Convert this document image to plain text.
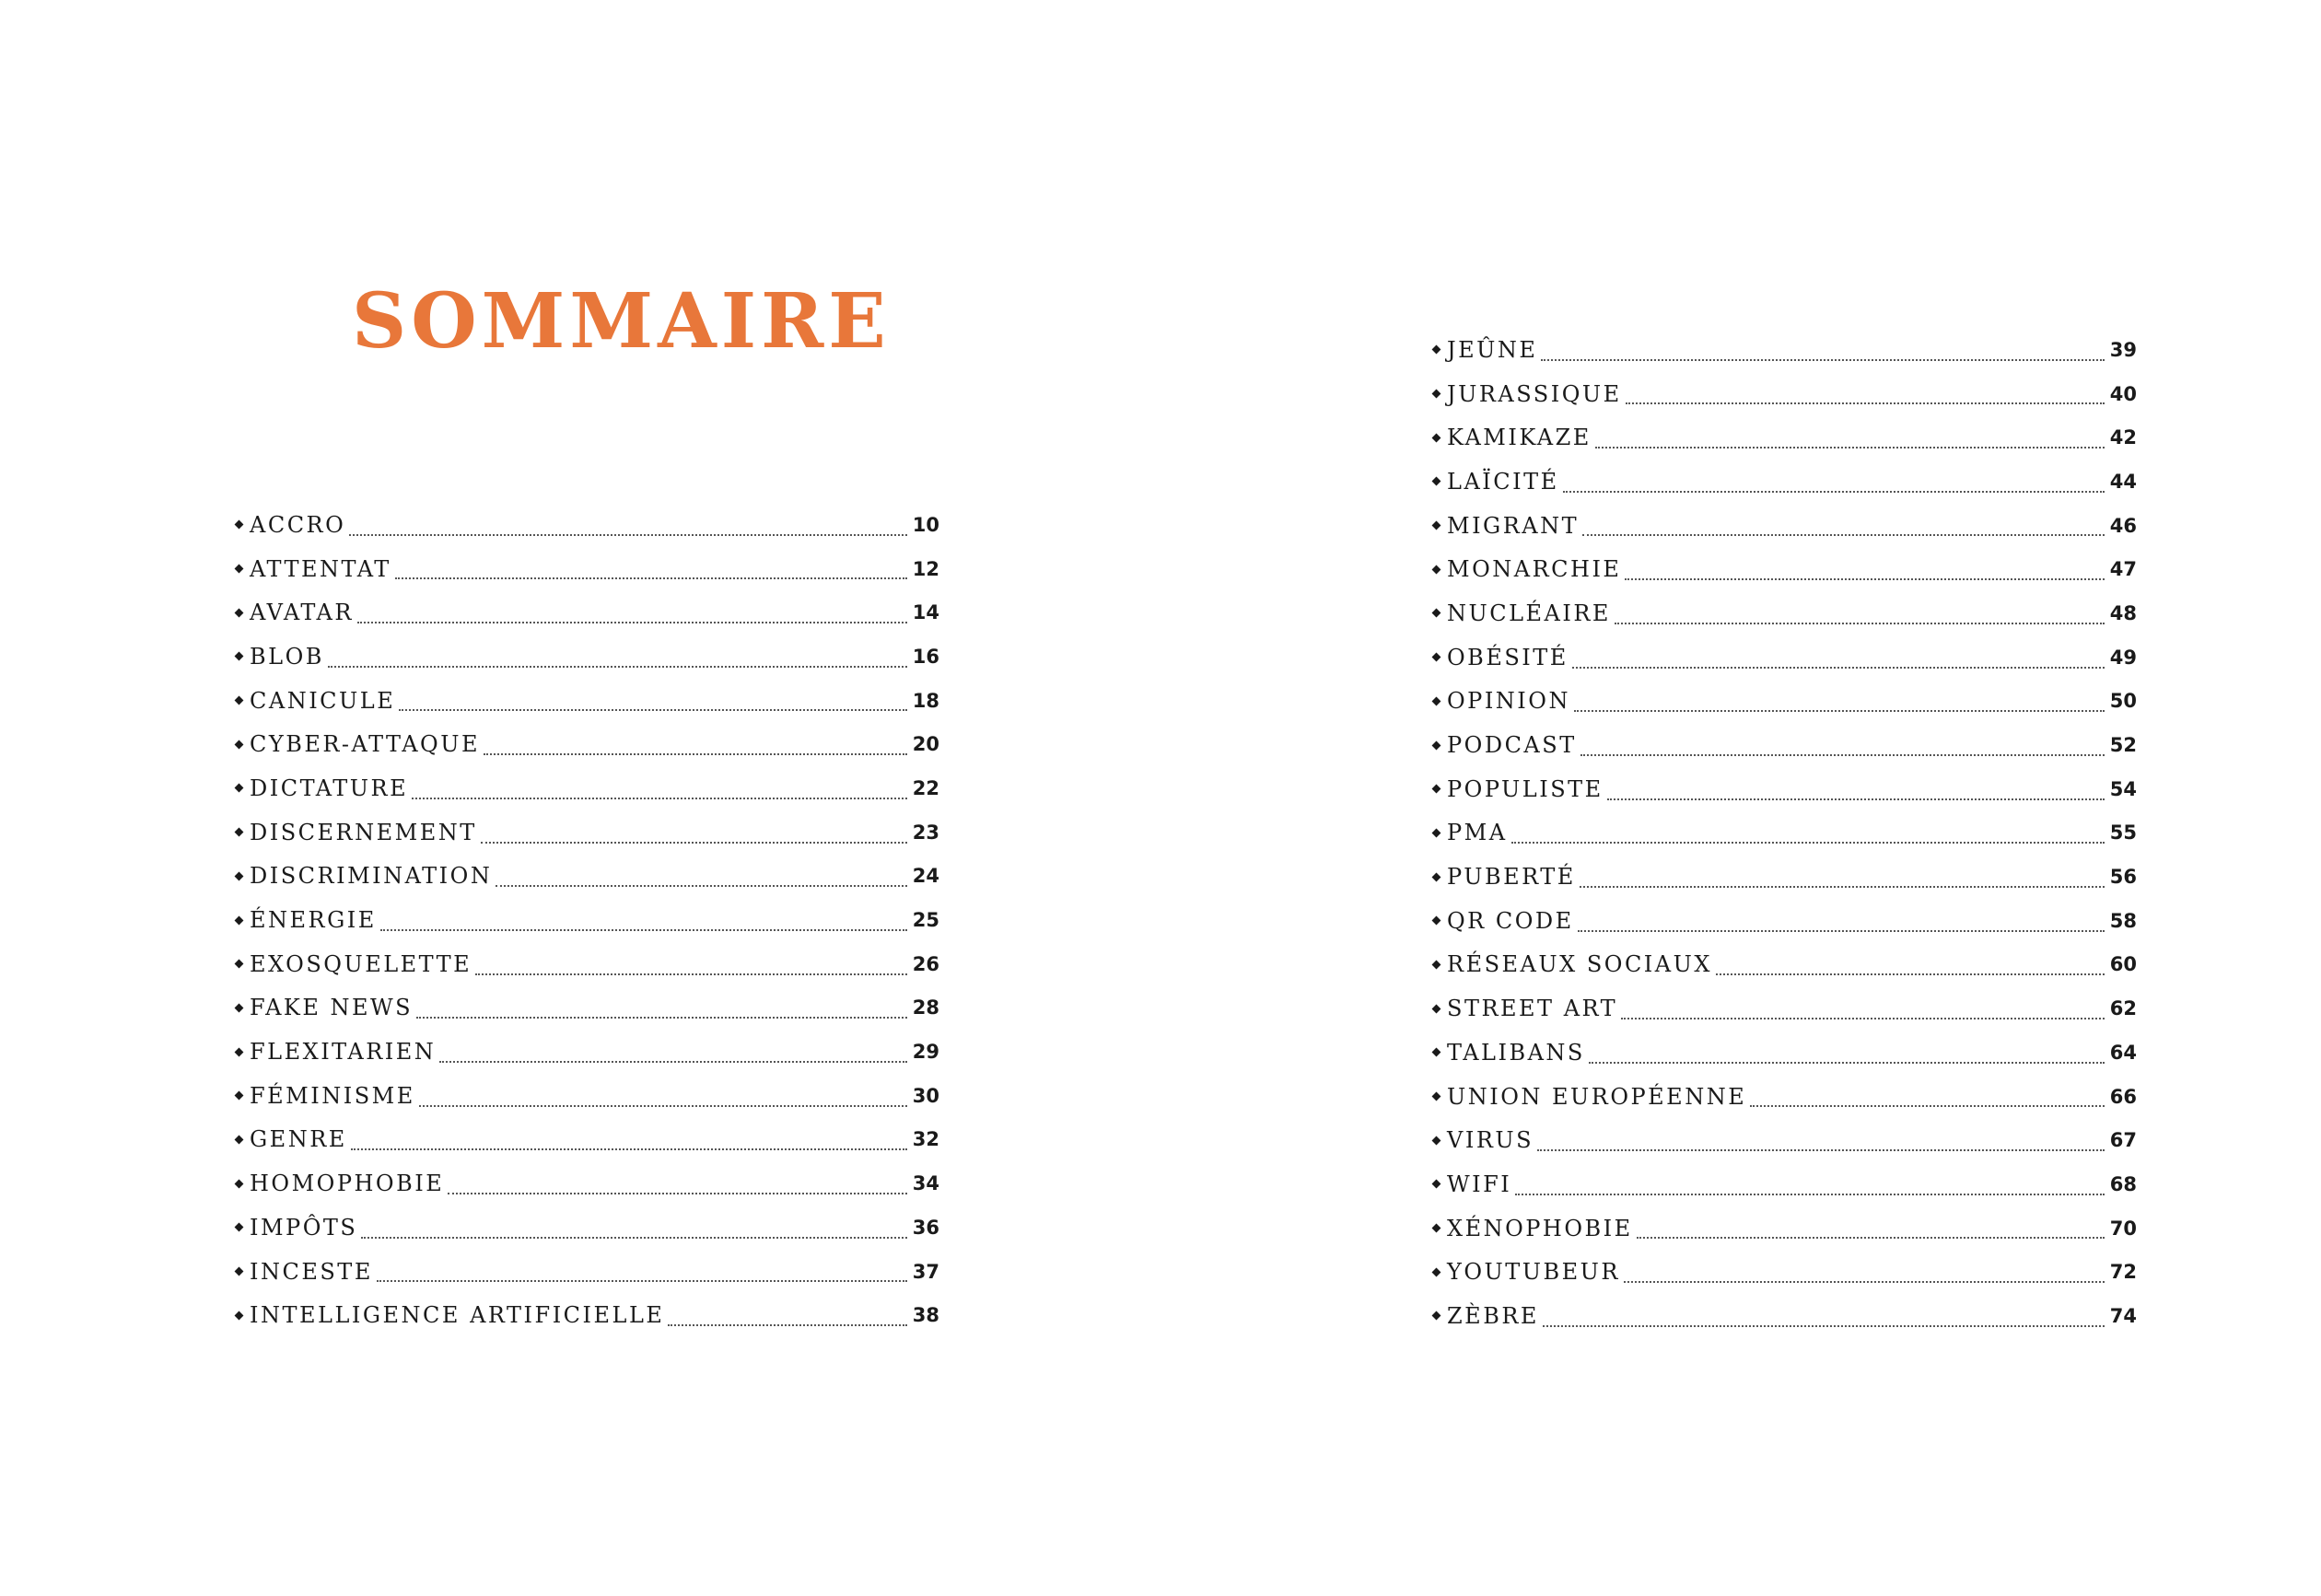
SOMMAIRE
ACCRO	10
ATTENTAT	12
AVATAR	14
BLOB	16
CANICULE	18
CYBER-ATTAQUE	20
DICTATURE	22
DISCERNEMENT	23
DISCRIMINATION	24
ÉNERGIE	25
EXOSQUELETTE	26
FAKE NEWS	28
FLEXITARIEN	29
FÉMINISME	30
GENRE	32
HOMOPHOBIE	34
IMPÔTS	36
INCESTE	37
INTELLIGENCE ARTIFICIELLE	38
JEÛNE	39
JURASSIQUE	40
KAMIKAZE	42
LAÏCITÉ	44
MIGRANT	46
MONARCHIE	47
NUCLÉAIRE	48
OBÉSITÉ	49
OPINION	50
PODCAST	52
POPULISTE	54
PMA	55
PUBERTÉ	56
QR CODE	58
RÉSEAUX SOCIAUX	60
STREET ART	62
TALIBANS	64
UNION EUROPÉENNE	66
VIRUS	67
WIFI	68
XÉNOPHOBIE	70
YOUTUBEUR	72
ZÈBRE	74
